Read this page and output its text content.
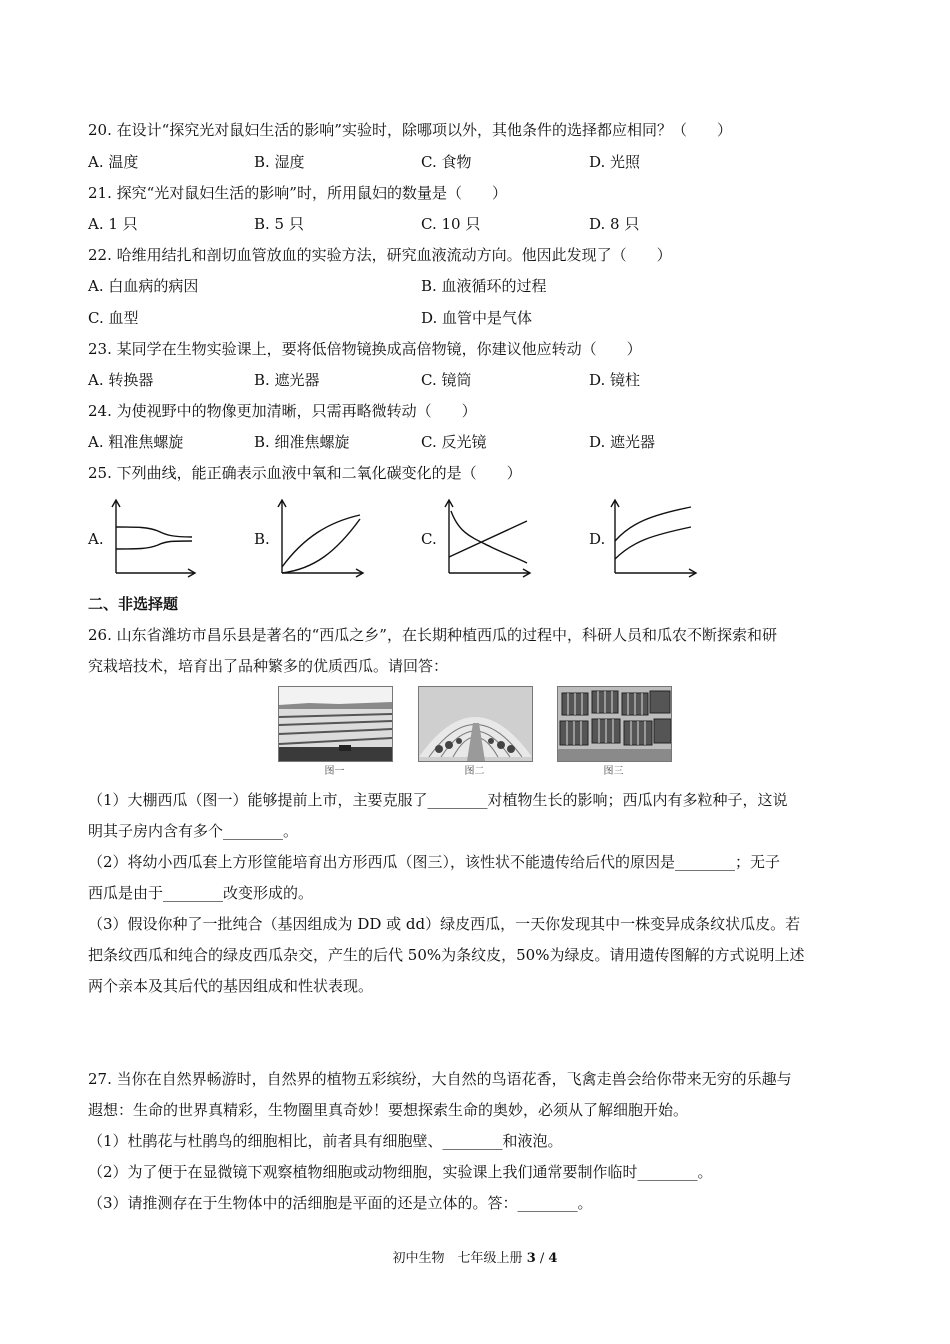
20. 在设计“探究光对鼠妇生活的影响”实验时，除哪项以外，其他条件的选择都应相同？（　　）
A. 温度	B. 湿度	C. 食物	D. 光照
21. 探究“光对鼠妇生活的影响”时，所用鼠妇的数量是（　　）
A. 1 只	B. 5 只	C. 10 只	D. 8 只
22. 哈维用结扎和剖切血管放血的实验方法，研究血液流动方向。他因此发现了（　　）
A. 白血病的病因	B. 血液循环的过程
C. 血型	D. 血管中是气体
23. 某同学在生物实验课上，要将低倍物镜换成高倍物镜，你建议他应转动（　　）
A. 转换器	B. 遮光器	C. 镜筒	D. 镜柱
24. 为使视野中的物像更加清晰，只需再略微转动（　　）
A. 粗准焦螺旋	B. 细准焦螺旋	C. 反光镜	D. 遮光器
25. 下列曲线，能正确表示血液中氧和二氧化碳变化的是（　　）
A.	B.	C.	D.
二、非选择题
26. 山东省潍坊市昌乐县是著名的“西瓜之乡”，在长期种植西瓜的过程中，科研人员和瓜农不断探索和研
究栽培技术，培育出了品种繁多的优质西瓜。请回答：
图一	图二	图三
（1）大棚西瓜（图一）能够提前上市，主要克服了________对植物生长的影响；西瓜内有多粒种子，这说
明其子房内含有多个________。
（2）将幼小西瓜套上方形筐能培育出方形西瓜（图三），该性状不能遗传给后代的原因是________；无子
西瓜是由于________改变形成的。
（3）假设你种了一批纯合（基因组成为 DD 或 dd）绿皮西瓜，一天你发现其中一株变异成条纹状瓜皮。若
把条纹西瓜和纯合的绿皮西瓜杂交，产生的后代 50%为条纹皮，50%为绿皮。请用遗传图解的方式说明上述
两个亲本及其后代的基因组成和性状表现。
27. 当你在自然界畅游时，自然界的植物五彩缤纷，大自然的鸟语花香，飞禽走兽会给你带来无穷的乐趣与
遐想：生命的世界真精彩，生物圈里真奇妙！要想探索生命的奥妙，必须从了解细胞开始。
（1）杜鹃花与杜鹃鸟的细胞相比，前者具有细胞壁、________和液泡。
（2）为了便于在显微镜下观察植物细胞或动物细胞，实验课上我们通常要制作临时________。
（3）请推测存在于生物体中的活细胞是平面的还是立体的。答：________。
初中生物　七年级上册 3 / 4
